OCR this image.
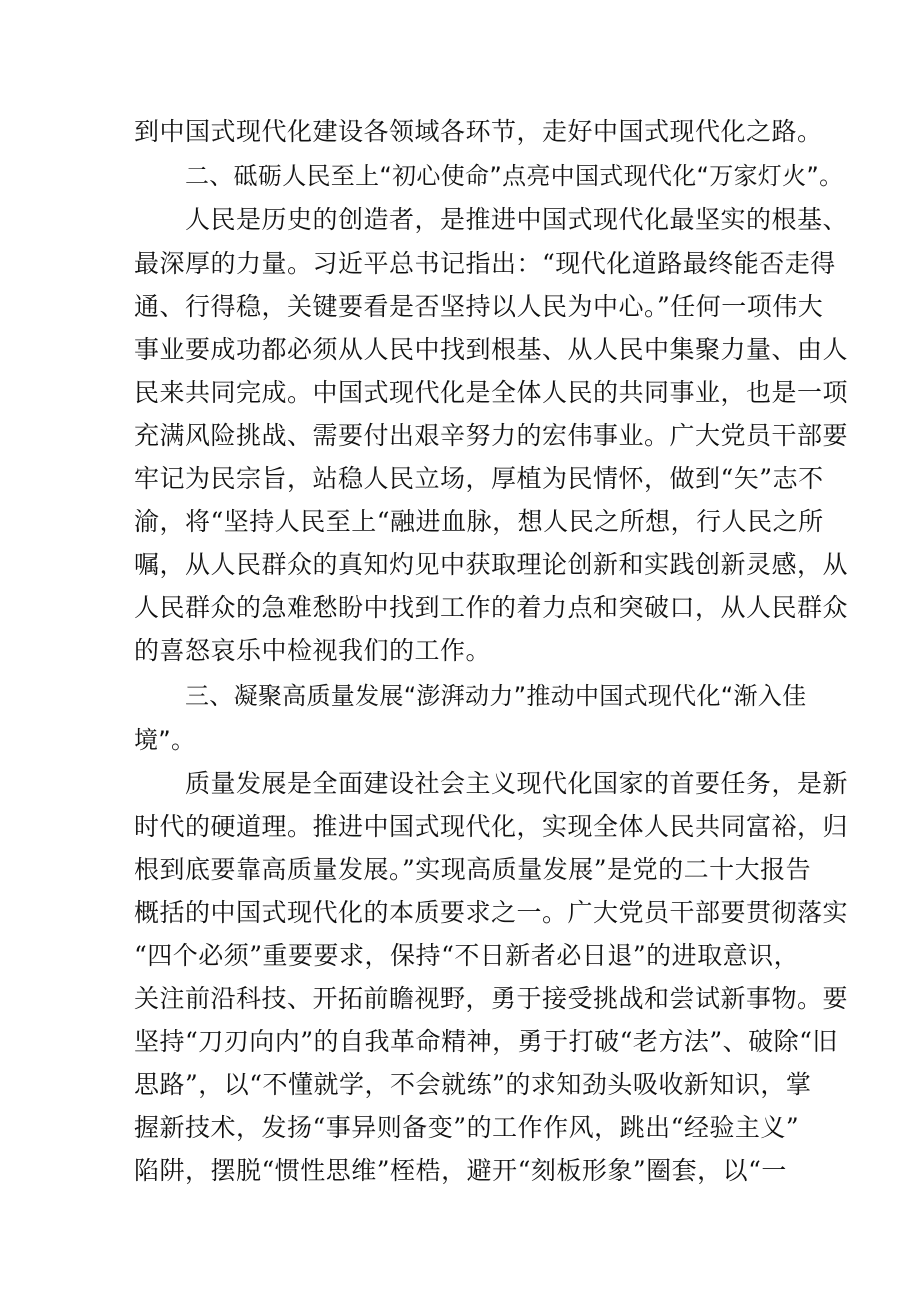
到中国式现代化建设各领域各环节，走好中国式现代化之路。
二、砥砺人民至上“初心使命”点亮中国式现代化“万家灯火”。
人民是历史的创造者，是推进中国式现代化最坚实的根基、
最深厚的力量。习近平总书记指出：“现代化道路最终能否走得
通、行得稳，关键要看是否坚持以人民为中心。”任何一项伟大
事业要成功都必须从人民中找到根基、从人民中集聚力量、由人
民来共同完成。中国式现代化是全体人民的共同事业，也是一项
充满风险挑战、需要付出艰辛努力的宏伟事业。广大党员干部要
牢记为民宗旨，站稳人民立场，厚植为民情怀，做到“矢”志不
渝，将“坚持人民至上“融进血脉，想人民之所想，行人民之所
嘱，从人民群众的真知灼见中获取理论创新和实践创新灵感，从
人民群众的急难愁盼中找到工作的着力点和突破口，从人民群众
的喜怒哀乐中检视我们的工作。
三、凝聚高质量发展“澎湃动力”推动中国式现代化“渐入佳
境”。
质量发展是全面建设社会主义现代化国家的首要任务，是新
时代的硬道理。推进中国式现代化，实现全体人民共同富裕，归
根到底要靠高质量发展。”实现高质量发展”是党的二十大报告
概括的中国式现代化的本质要求之一。广大党员干部要贯彻落实
“四个必须”重要要求，保持“不日新者必日退”的进取意识，
关注前沿科技、开拓前瞻视野，勇于接受挑战和尝试新事物。要
坚持“刀刃向内”的自我革命精神，勇于打破“老方法”、破除“旧
思路”，以“不懂就学，不会就练”的求知劲头吸收新知识，掌
握新技术，发扬“事异则备变”的工作作风，跳出“经验主义”
陷阱，摆脱“惯性思维”桎梏，避开“刻板形象”圈套，以“一
